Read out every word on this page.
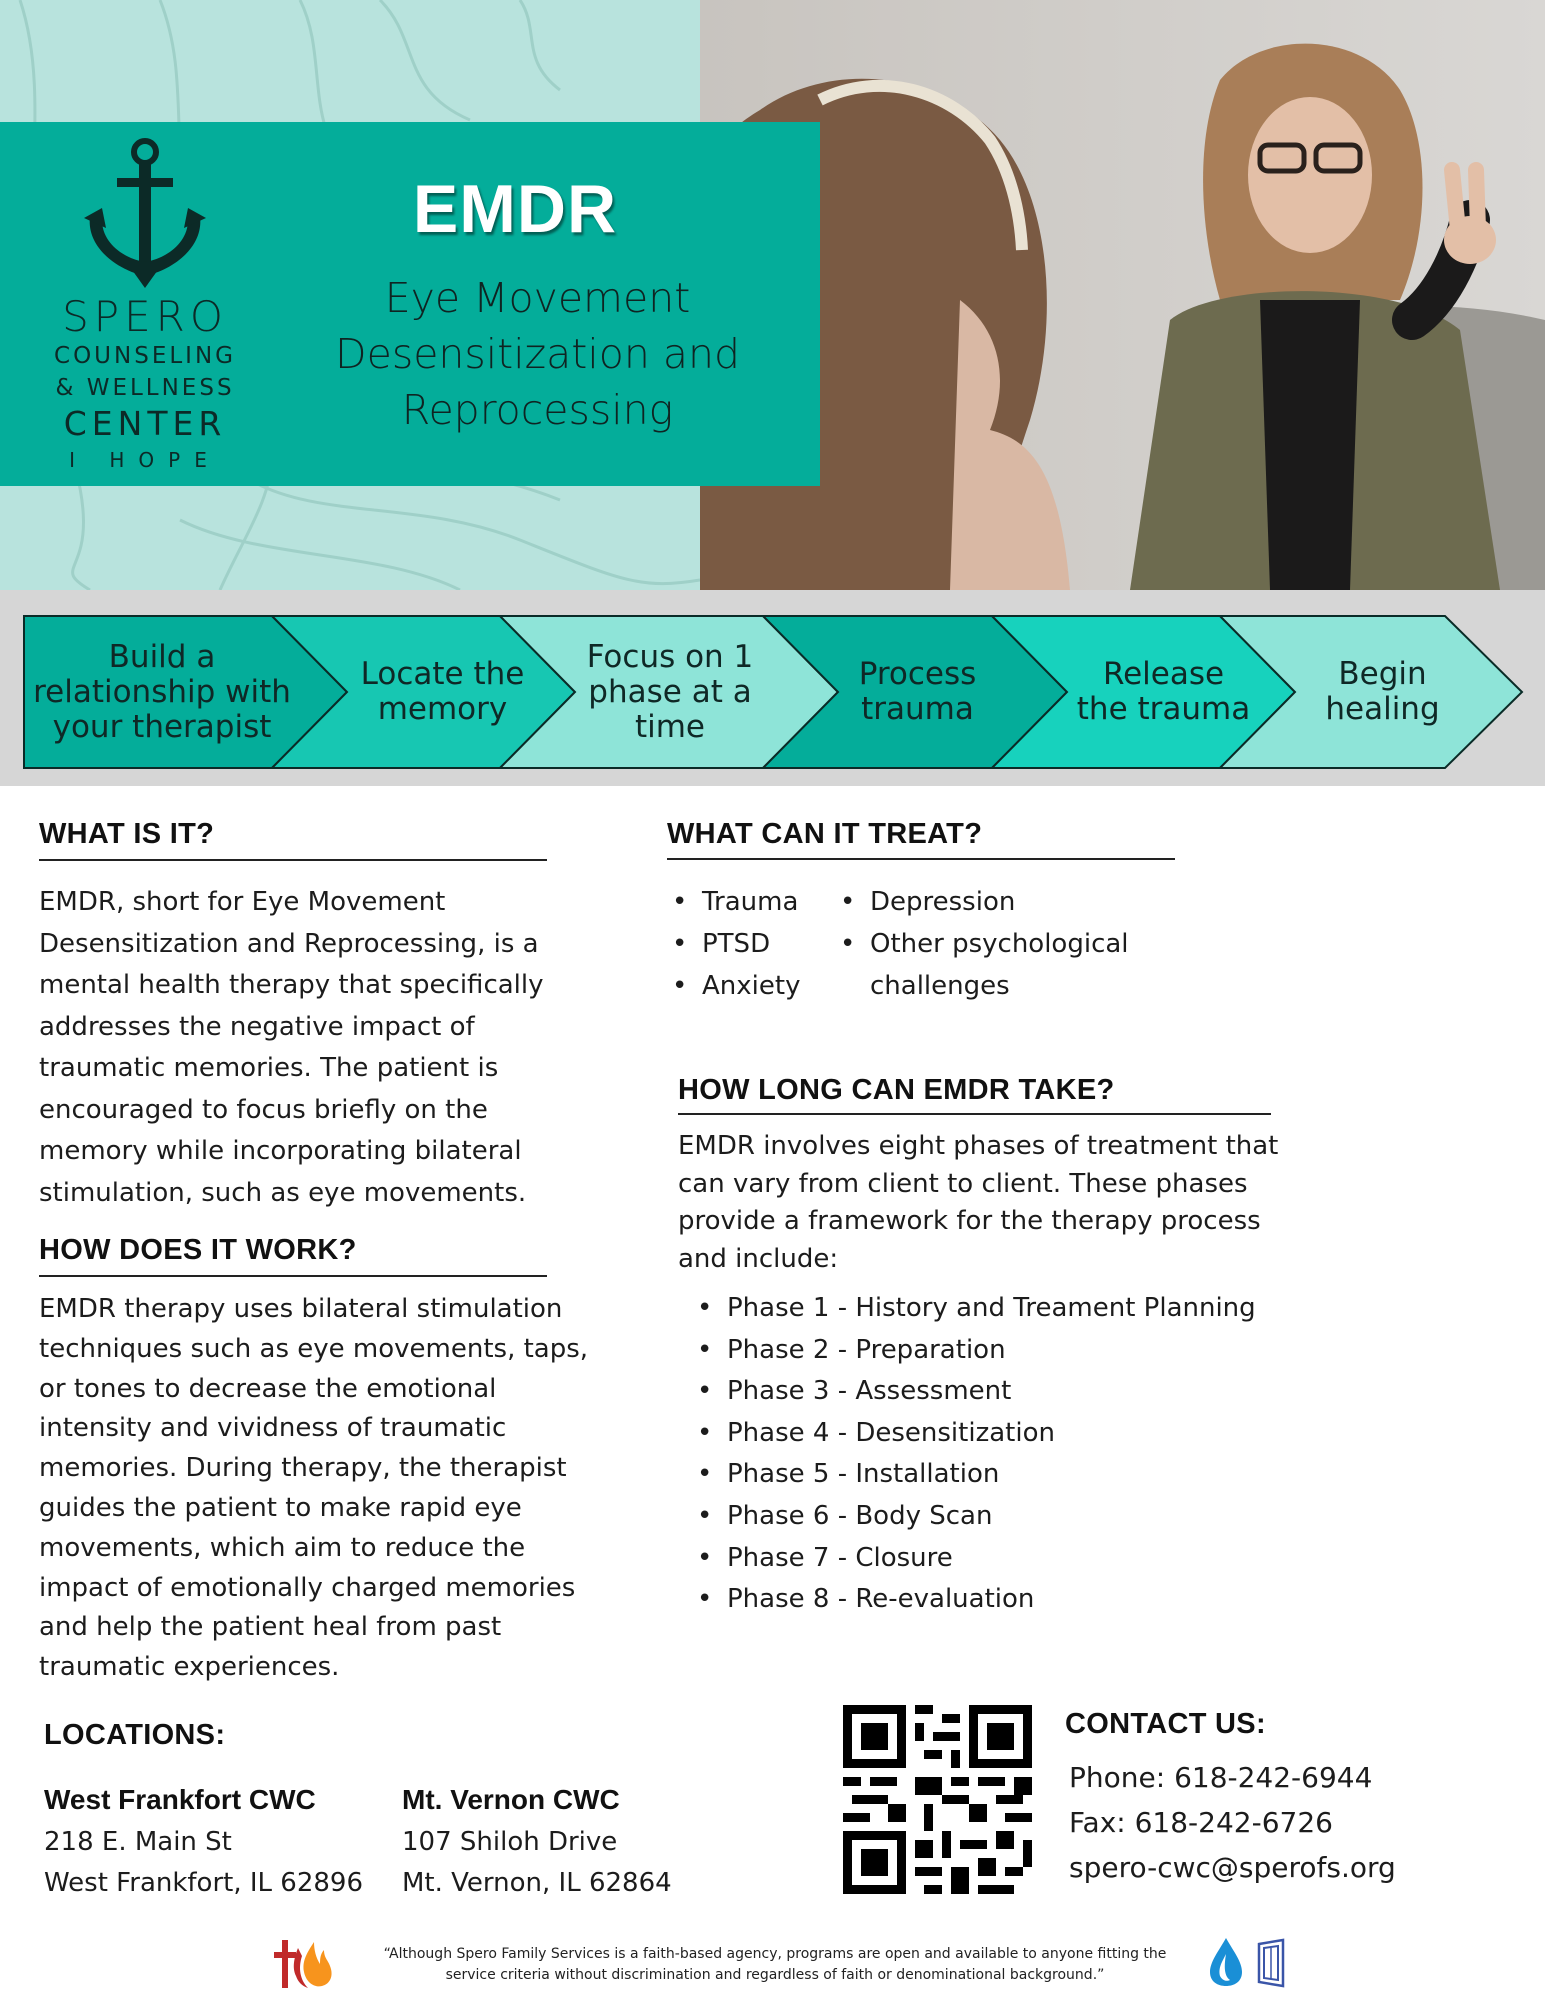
SPERO
COUNSELING
& WELLNESS
CENTER
I HOPE
EMDR
Eye Movement
Desensitization and
Reprocessing
Build a
relationship with
your therapist
Locate the
memory
Focus on 1
phase at a
time
Process
trauma
Release
the trauma
Begin
healing
WHAT IS IT?
EMDR, short for Eye Movement
Desensitization and Reprocessing, is a
mental health therapy that specifically
addresses the negative impact of
traumatic memories. The patient is
encouraged to focus briefly on the
memory while incorporating bilateral
stimulation, such as eye movements.
HOW DOES IT WORK?
EMDR therapy uses bilateral stimulation
techniques such as eye movements, taps,
or tones to decrease the emotional
intensity and vividness of traumatic
memories. During therapy, the therapist
guides the patient to make rapid eye
movements, which aim to reduce the
impact of emotionally charged memories
and help the patient heal from past
traumatic experiences.
WHAT CAN IT TREAT?
• Trauma
• PTSD
• Anxiety
• Depression
• Other psychological
challenges
HOW LONG CAN EMDR TAKE?
EMDR involves eight phases of treatment that
can vary from client to client. These phases
provide a framework for the therapy process
and include:
• Phase 1 - History and Treament Planning
• Phase 2 - Preparation
• Phase 3 - Assessment
• Phase 4 - Desensitization
• Phase 5 - Installation
• Phase 6 - Body Scan
• Phase 7 - Closure
• Phase 8 - Re-evaluation
LOCATIONS:
West Frankfort CWC
218 E. Main St
West Frankfort, IL 62896
Mt. Vernon CWC
107 Shiloh Drive
Mt. Vernon, IL 62864
CONTACT US:
Phone: 618-242-6944
Fax: 618-242-6726
spero-cwc@sperofs.org
“Although Spero Family Services is a faith-based agency, programs are open and available to anyone fitting the
service criteria without discrimination and regardless of faith or denominational background.”
